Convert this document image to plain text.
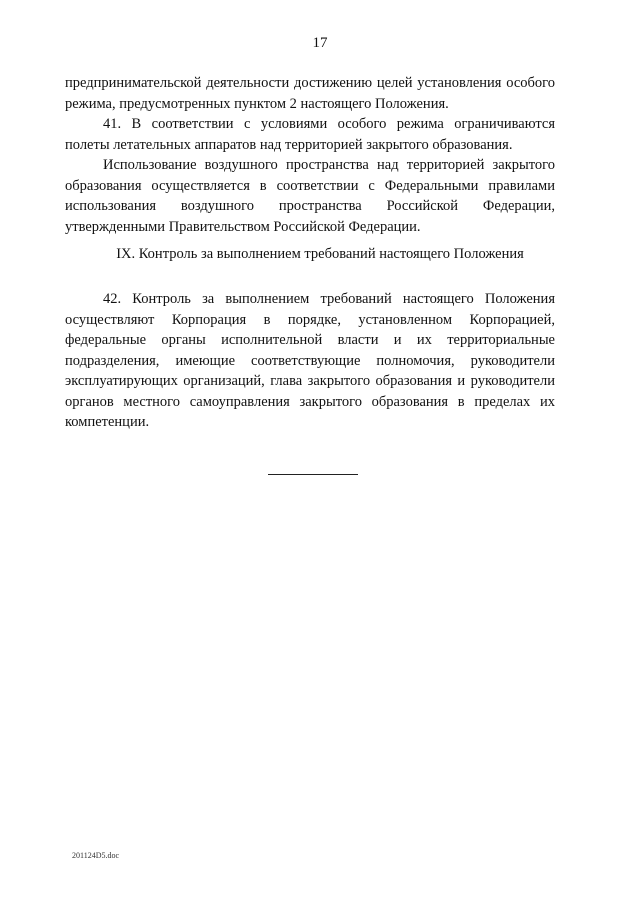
17

предпринимательской деятельности достижению целей установления особого режима, предусмотренных пунктом 2 настоящего Положения.

41. В соответствии с условиями особого режима ограничиваются полеты летательных аппаратов над территорией закрытого образования.

Использование воздушного пространства над территорией закрытого образования осуществляется в соответствии с Федеральными правилами использования воздушного пространства Российской Федерации, утвержденными Правительством Российской Федерации.

IX. Контроль за выполнением требований настоящего Положения

42. Контроль за выполнением требований настоящего Положения осуществляют Корпорация в порядке, установленном Корпорацией, федеральные органы исполнительной власти и их территориальные подразделения, имеющие соответствующие полномочия, руководители эксплуатирующих организаций, глава закрытого образования и руководители органов местного самоуправления закрытого образования в пределах их компетенции.

201124D5.doc
